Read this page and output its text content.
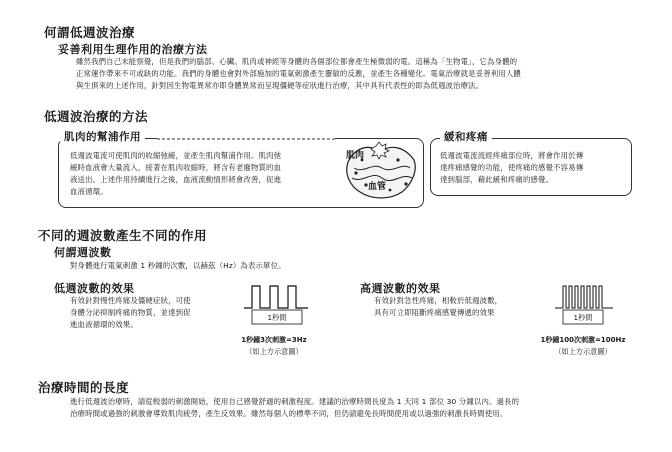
何謂低週波治療
妥善利用生理作用的治療方法
雖然我們自己未能察覺，但是我們的腦部、心臟、肌肉或神經等身體的各個部位都會產生極微弱的電。這稱為「生物電」，它為身體的
正常運作帶來不可或缺的功能。我們的身體也會對外部施加的電氣刺激產生靈敏的反應，並產生各種變化。電氣治療就是妥善利用人體
與生俱來的上述作用，針對因生物電異常亦即身體異常而呈現僵硬等症狀進行治療，其中具有代表性的即為低週波治療法。
低週波治療的方法
肌肉的幫浦作用
低週波電流可使肌肉的收縮弛緩，並產生肌肉幫浦作用。肌肉弛
緩時血液會大量流入，接著在肌肉收縮時，將含有老廢物質的血
液送出。上述作用持續進行之後，血液流動情形將會改善，促進
血液循環。
肌肉
血管
緩和疼痛
低週波電流流經疼痛部位時，將會作用於傳
達疼痛感覺的功能，使疼痛的感覺不容易傳
達到腦部，藉此緩和疼痛的感覺。
不同的週波數產生不同的作用
何謂週波數
對身體進行電氣刺激 1 秒鐘的次數，以赫茲（Hz）為表示單位。
低週波數的效果
有效針對慢性疼痛及僵硬症狀，可使
身體分泌抑制疼痛的物質，並達到促
進血液循環的效果。
1秒間
1秒鐘3次刺激=3Hz
（如上方示意圖）
高週波數的效果
有效針對急性疼痛，相較於低週波數，
具有可立即阻斷疼痛感覺傳遞的效果
1秒間
1秒鐘100次刺激=100Hz
（如上方示意圖）
治療時間的長度
進行低週波治療時，請從較弱的刺激開始，使用自己感覺舒適的刺激程度。建議的治療時間長度為 1 天同 1 部位 30 分鐘以內。過長的
治療時間或過強的刺激會導致肌肉疲勞，產生反效果。雖然每個人的標準不同，但仍請避免長時間使用或以過強的刺激長時間使用。
